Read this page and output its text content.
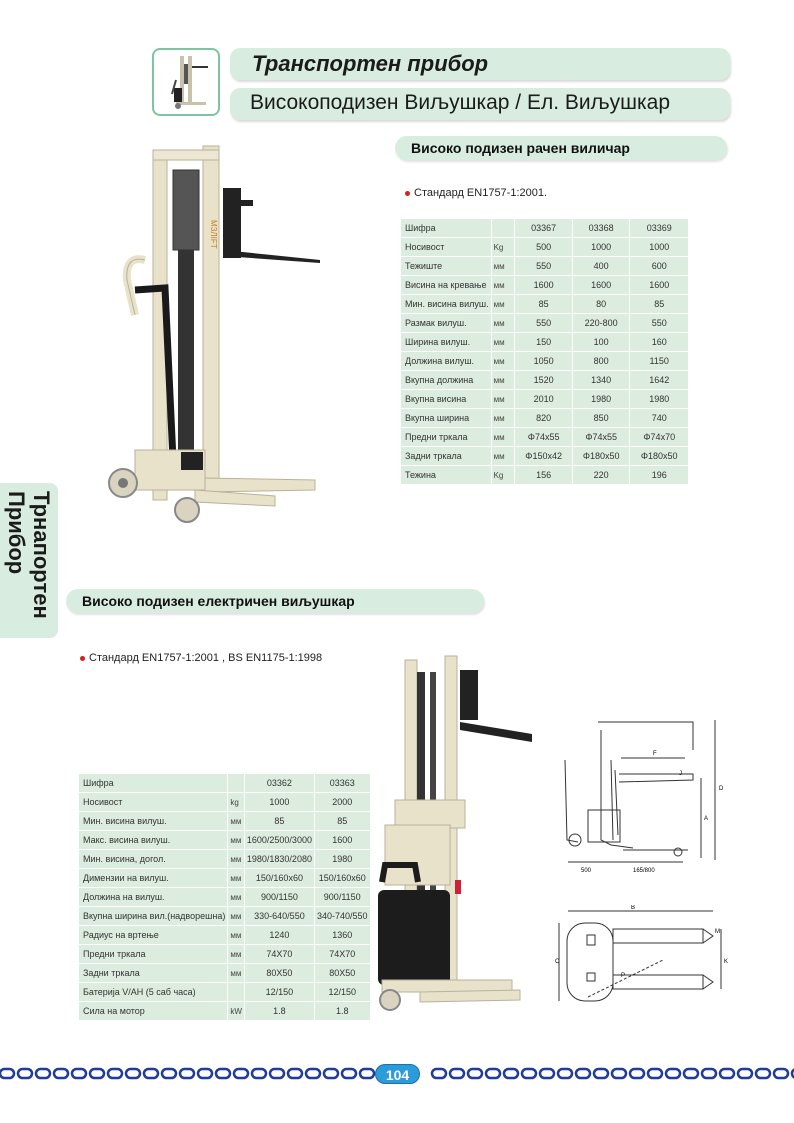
Транспортен прибор
Високоподизен Виљушкар / Ел. Виљушкар
Трнапортен
Прибор
MЗЛIFT
Високо подизен рачен виличар
Стандард EN1757-1:2001.
Шифра		03367	03368	03369
Носивост	Kg	500	1000	1000
Тежиште	мм	550	400	600
Висина на кревање	мм	1600	1600	1600
Мин. висина вилуш.	мм	85	80	85
Размак вилуш.	мм	550	220-800	550
Ширина вилуш.	мм	150	100	160
Должина вилуш.	мм	1050	800	1150
Вкупна должина	мм	1520	1340	1642
Вкупна висина	мм	2010	1980	1980
Вкупна ширина	мм	820	850	740
Предни тркала	мм	Φ74x55	Φ74x55	Φ74x70
Задни тркала	мм	Φ150x42	Φ180x50	Φ180x50
Тежина	Kg	156	220	196
Високо подизен електричен виљушкар
Стандард EN1757-1:2001 , BS EN1175-1:1998
Шифра		03362	03363
Носивост	kg	1000	2000
Мин. висина вилуш.	мм	85	85
Макс. висина вилуш.	мм	1600/2500/3000	1600
Мин. висина, догол.	мм	1980/1830/2080	1980
Димензии на вилуш.	мм	150/160x60	150/160x60
Должина на вилуш.	мм	900/1150	900/1150
Вкупна ширина вил.(надворешна)	мм	330-640/550	340-740/550
Радиус на вртење	мм	1240	1360
Предни тркала	мм	74X70	74X70
Задни тркала	мм	80X50	80X50
Батерија V/AH (5 саб часа)		12/150	12/150
Сила на мотор	kW	1.8	1.8
F
J
D
A
500	165/800
B
M
C	K
P
104
